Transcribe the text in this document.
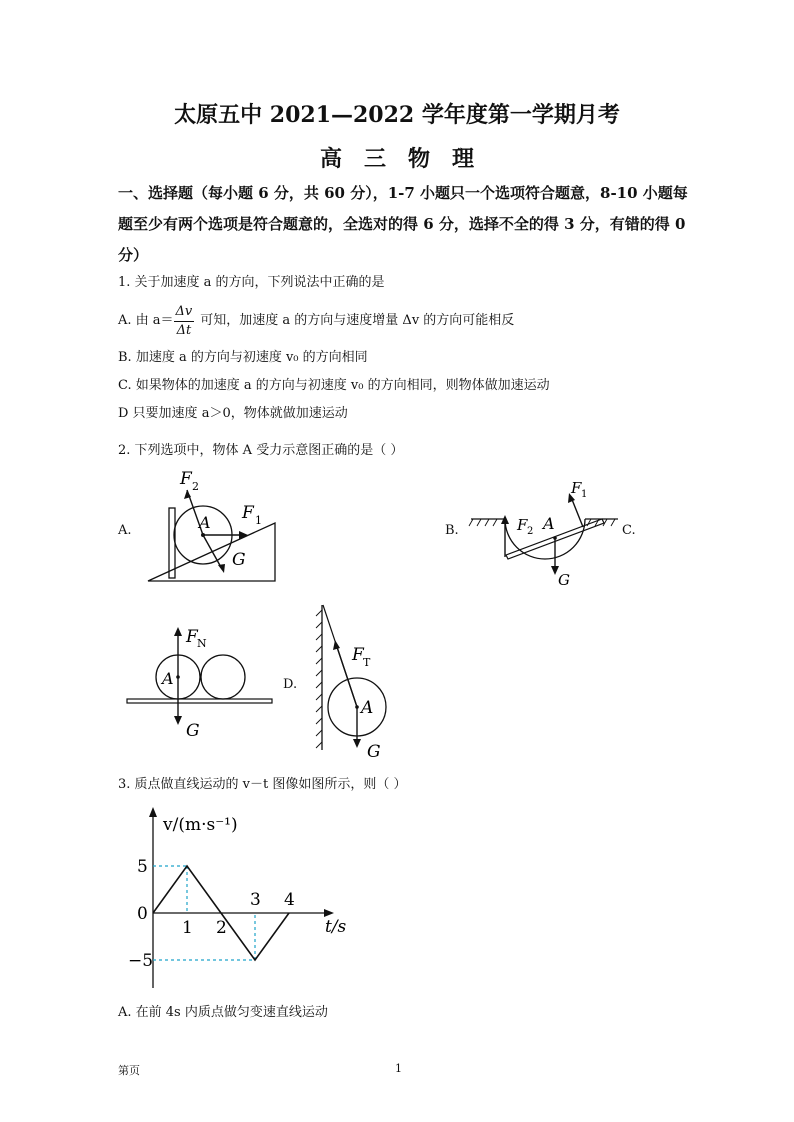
太原五中 2021—2022 学年度第一学期月考
高三物理
一、选择题（每小题 6 分，共 60 分），1-7 小题只一个选项符合题意，8-10 小题每题至少有两个选项是符合题意的，全选对的得 6 分，选择不全的得 3 分，有错的得 0 分）
1. 关于加速度 a 的方向，下列说法中正确的是
A. 由 $a= \frac{\Delta v}{\Delta t}$ 可知，加速度 a 的方向与速度增量 Δv 的方向可能相反
B. 加速度 a 的方向与初速度 v₀ 的方向相同
C. 如果物体的加速度 a 的方向与初速度 v₀ 的方向相同，则物体做加速运动
D 只要加速度 a＞0，物体就做加速运动
2. 下列选项中，物体 A 受力示意图正确的是（ ）
A.	B.	C.
D.
F 2
F 1
A
G
F 1
F 2 A
G
F N
A
G
F T
A
G
3. 质点做直线运动的 v－t 图像如图所示，则（ ）
1 2
3 4
5
0
−5
v/(m·s⁻¹)
t/s
A. 在前 4s 内质点做匀变速直线运动
第页	1
